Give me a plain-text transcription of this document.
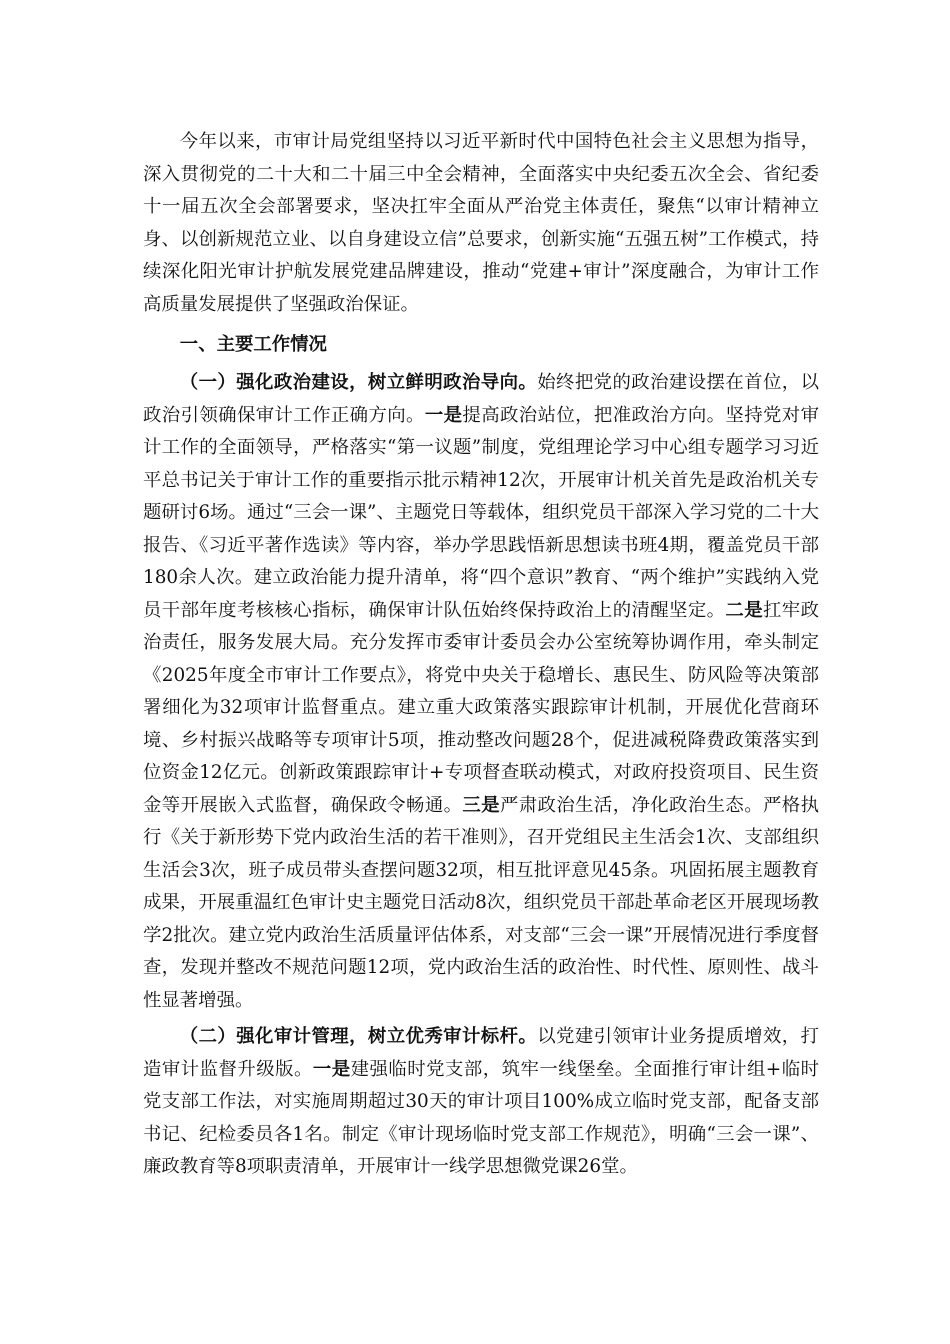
今年以来，市审计局党组坚持以习近平新时代中国特色社会主义思想为指导，深入贯彻党的二十大和二十届三中全会精神，全面落实中央纪委五次全会、省纪委十一届五次全会部署要求，坚决扛牢全面从严治党主体责任，聚焦“以审计精神立身、以创新规范立业、以自身建设立信”总要求，创新实施“五强五树”工作模式，持续深化阳光审计护航发展党建品牌建设，推动“党建+审计”深度融合，为审计工作高质量发展提供了坚强政治保证。

一、主要工作情况

（一）强化政治建设，树立鲜明政治导向。始终把党的政治建设摆在首位，以政治引领确保审计工作正确方向。一是提高政治站位，把准政治方向。坚持党对审计工作的全面领导，严格落实“第一议题”制度，党组理论学习中心组专题学习习近平总书记关于审计工作的重要指示批示精神12次，开展审计机关首先是政治机关专题研讨6场。通过“三会一课”、主题党日等载体，组织党员干部深入学习党的二十大报告、《习近平著作选读》等内容，举办学思践悟新思想读书班4期，覆盖党员干部180余人次。建立政治能力提升清单，将“四个意识”教育、“两个维护”实践纳入党员干部年度考核核心指标，确保审计队伍始终保持政治上的清醒坚定。二是扛牢政治责任，服务发展大局。充分发挥市委审计委员会办公室统筹协调作用，牵头制定《2025年度全市审计工作要点》，将党中央关于稳增长、惠民生、防风险等决策部署细化为32项审计监督重点。建立重大政策落实跟踪审计机制，开展优化营商环境、乡村振兴战略等专项审计5项，推动整改问题28个，促进减税降费政策落实到位资金12亿元。创新政策跟踪审计+专项督查联动模式，对政府投资项目、民生资金等开展嵌入式监督，确保政令畅通。三是严肃政治生活，净化政治生态。严格执行《关于新形势下党内政治生活的若干准则》，召开党组民主生活会1次、支部组织生活会3次，班子成员带头查摆问题32项，相互批评意见45条。巩固拓展主题教育成果，开展重温红色审计史主题党日活动8次，组织党员干部赴革命老区开展现场教学2批次。建立党内政治生活质量评估体系，对支部“三会一课”开展情况进行季度督查，发现并整改不规范问题12项，党内政治生活的政治性、时代性、原则性、战斗性显著增强。

（二）强化审计管理，树立优秀审计标杆。以党建引领审计业务提质增效，打造审计监督升级版。一是建强临时党支部，筑牢一线堡垒。全面推行审计组+临时党支部工作法，对实施周期超过30天的审计项目100%成立临时党支部，配备支部书记、纪检委员各1名。制定《审计现场临时党支部工作规范》，明确“三会一课”、廉政教育等8项职责清单，开展审计一线学思想微党课26堂。
